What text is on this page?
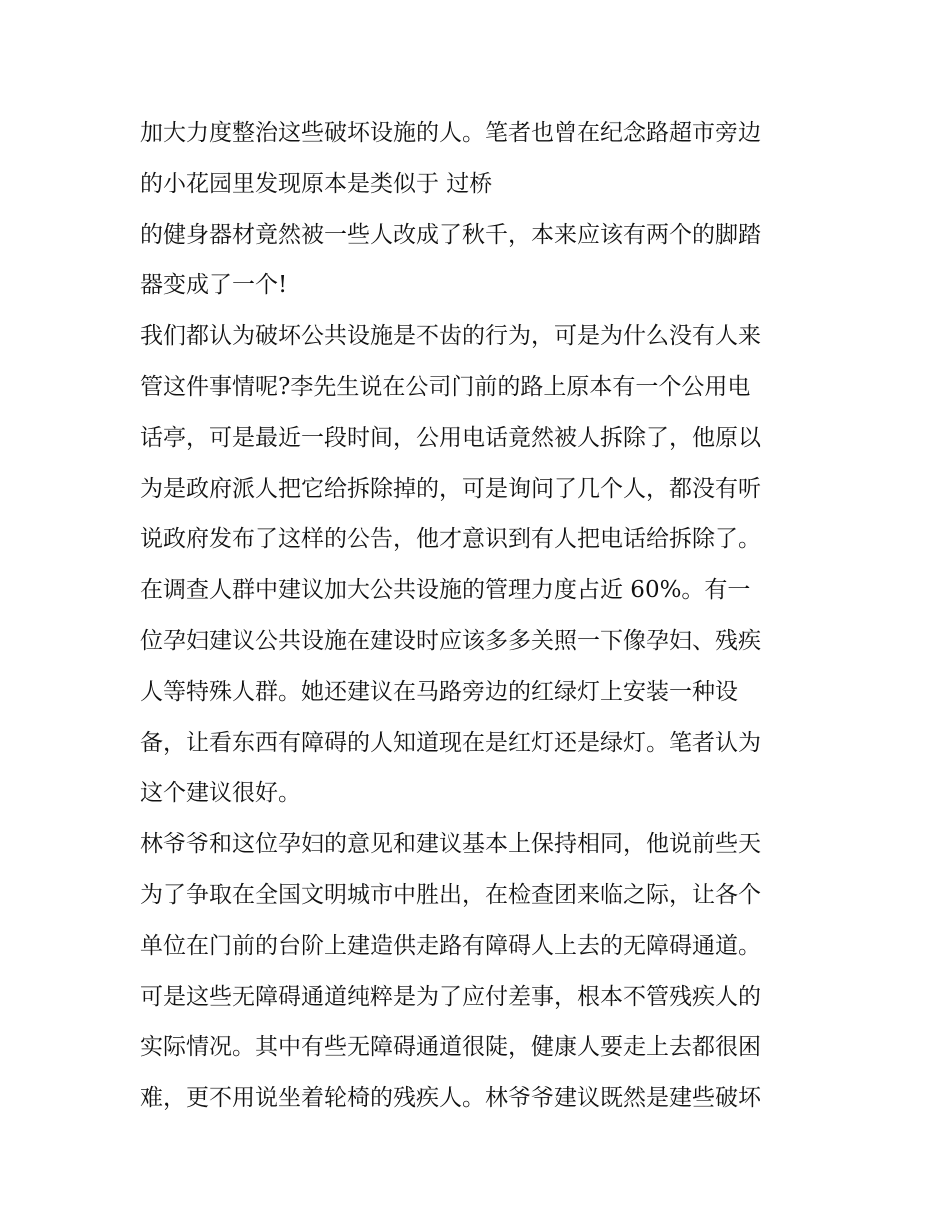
加大力度整治这些破坏设施的人。笔者也曾在纪念路超市旁边
的小花园里发现原本是类似于 过桥
的健身器材竟然被一些人改成了秋千，本来应该有两个的脚踏
器变成了一个!
我们都认为破坏公共设施是不齿的行为，可是为什么没有人来
管这件事情呢?李先生说在公司门前的路上原本有一个公用电
话亭，可是最近一段时间，公用电话竟然被人拆除了，他原以
为是政府派人把它给拆除掉的，可是询问了几个人，都没有听
说政府发布了这样的公告，他才意识到有人把电话给拆除了。
在调查人群中建议加大公共设施的管理力度占近 60%。有一
位孕妇建议公共设施在建设时应该多多关照一下像孕妇、残疾
人等特殊人群。她还建议在马路旁边的红绿灯上安装一种设
备，让看东西有障碍的人知道现在是红灯还是绿灯。笔者认为
这个建议很好。
林爷爷和这位孕妇的意见和建议基本上保持相同，他说前些天
为了争取在全国文明城市中胜出，在检查团来临之际，让各个
单位在门前的台阶上建造供走路有障碍人上去的无障碍通道。
可是这些无障碍通道纯粹是为了应付差事，根本不管残疾人的
实际情况。其中有些无障碍通道很陡，健康人要走上去都很困
难，更不用说坐着轮椅的残疾人。林爷爷建议既然是建些破坏
